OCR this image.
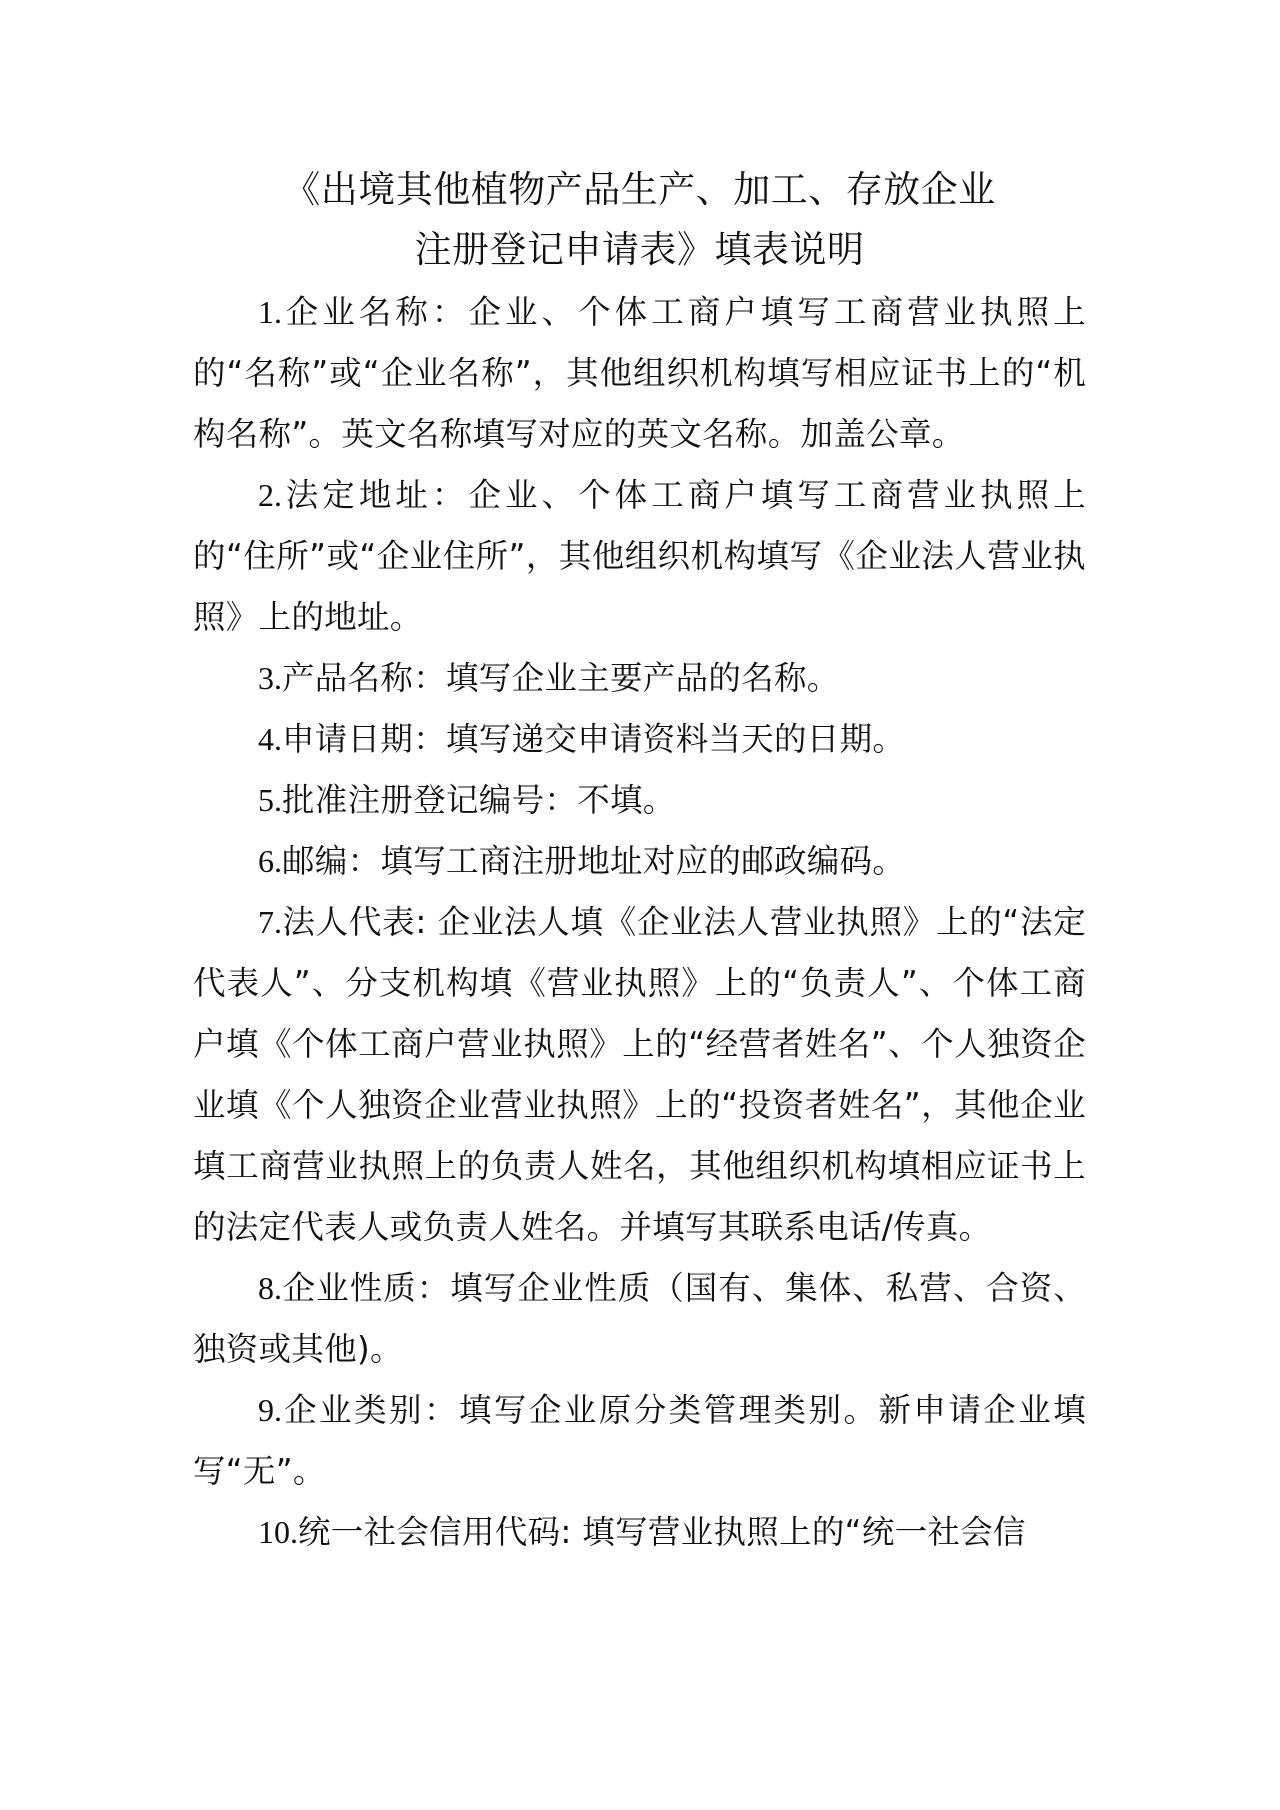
《出境其他植物产品生产、加工、存放企业
注册登记申请表》填表说明

1.企业名称：企业、个体工商户填写工商营业执照上的“名称”或“企业名称”，其他组织机构填写相应证书上的“机构名称”。英文名称填写对应的英文名称。加盖公章。

2.法定地址：企业、个体工商户填写工商营业执照上的“住所”或“企业住所”，其他组织机构填写《企业法人营业执照》上的地址。

3.产品名称：填写企业主要产品的名称。

4.申请日期：填写递交申请资料当天的日期。

5.批准注册登记编号：不填。

6.邮编：填写工商注册地址对应的邮政编码。

7.法人代表: 企业法人填《企业法人营业执照》上的“法定代表人”、分支机构填《营业执照》上的“负责人”、个体工商户填《个体工商户营业执照》上的“经营者姓名”、个人独资企业填《个人独资企业营业执照》上的“投资者姓名”，其他企业填工商营业执照上的负责人姓名，其他组织机构填相应证书上的法定代表人或负责人姓名。并填写其联系电话/传真。

8.企业性质：填写企业性质（国有、集体、私营、合资、独资或其他)。

9.企业类别：填写企业原分类管理类别。新申请企业填写“无”。

10.统一社会信用代码: 填写营业执照上的“统一社会信
